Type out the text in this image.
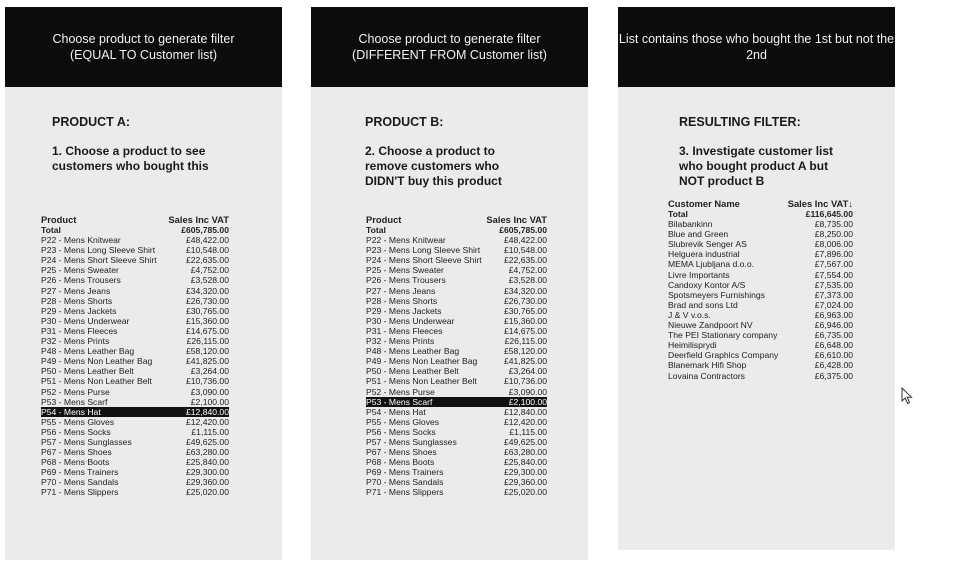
Choose product to generate filter
(EQUAL TO Customer list)
PRODUCT A:
1. Choose a product to see
customers who bought this
Product	Sales Inc VAT
Total	£605,785.00
P22 - Mens Knitwear	£48,422.00
P23 - Mens Long Sleeve Shirt	£10,548.00
P24 - Mens Short Sleeve Shirt	£22,635.00
P25 - Mens Sweater	£4,752.00
P26 - Mens Trousers	£3,528.00
P27 - Mens Jeans	£34,320.00
P28 - Mens Shorts	£26,730.00
P29 - Mens Jackets	£30,765.00
P30 - Mens Underwear	£15,360.00
P31 - Mens Fleeces	£14,675.00
P32 - Mens Prints	£26,115.00
P48 - Mens Leather Bag	£58,120.00
P49 - Mens Non Leather Bag	£41,825.00
P50 - Mens Leather Belt	£3,264.00
P51 - Mens Non Leather Belt	£10,736.00
P52 - Mens Purse	£3,090.00
P53 - Mens Scarf	£2,100.00
P54 - Mens Hat	£12,840.00
P55 - Mens Gloves	£12,420.00
P56 - Mens Socks	£1,115.00
P57 - Mens Sunglasses	£49,625.00
P67 - Mens Shoes	£63,280.00
P68 - Mens Boots	£25,840.00
P69 - Mens Trainers	£29,300.00
P70 - Mens Sandals	£29,360.00
P71 - Mens Slippers	£25,020.00
Choose product to generate filter
(DIFFERENT FROM Customer list)
PRODUCT B:
2. Choose a product to
remove customers who
DIDN'T buy this product
Product	Sales Inc VAT
Total	£605,785.00
P22 - Mens Knitwear	£48,422.00
P23 - Mens Long Sleeve Shirt	£10,548.00
P24 - Mens Short Sleeve Shirt	£22,635.00
P25 - Mens Sweater	£4,752.00
P26 - Mens Trousers	£3,528.00
P27 - Mens Jeans	£34,320.00
P28 - Mens Shorts	£26,730.00
P29 - Mens Jackets	£30,765.00
P30 - Mens Underwear	£15,360.00
P31 - Mens Fleeces	£14,675.00
P32 - Mens Prints	£26,115.00
P48 - Mens Leather Bag	£58,120.00
P49 - Mens Non Leather Bag	£41,825.00
P50 - Mens Leather Belt	£3,264.00
P51 - Mens Non Leather Belt	£10,736.00
P52 - Mens Purse	£3,090.00
P53 - Mens Scarf	£2,100.00
P54 - Mens Hat	£12,840.00
P55 - Mens Gloves	£12,420.00
P56 - Mens Socks	£1,115.00
P57 - Mens Sunglasses	£49,625.00
P67 - Mens Shoes	£63,280.00
P68 - Mens Boots	£25,840.00
P69 - Mens Trainers	£29,300.00
P70 - Mens Sandals	£29,360.00
P71 - Mens Slippers	£25,020.00
List contains those who bought the 1st but not the 2nd
RESULTING FILTER:
3. Investigate customer list
who bought product A but
NOT product B
Customer Name	Sales Inc VAT↓
Total	£116,645.00
Bilabankinn	£8,735.00
Blue and Green	£8,250.00
Slubrevik Senger AS	£8,006.00
Helguera industrial	£7,896.00
MEMA Ljubljana d.o.o.	£7,567.00
Livre Importants	£7,554.00
Candoxy Kontor A/S	£7,535.00
Spotsmeyers Furnishings	£7,373.00
Brad and sons Ltd	£7,024.00
J & V v.o.s.	£6,963.00
Nieuwe Zandpoort NV	£6,946.00
The PEI Stationary company	£6,735.00
Heimilisprydi	£6,648.00
Deerfield Graphics Company	£6,610.00
Blanemark Hifi Shop	£6,428.00
Lovaina Contractors	£6,375.00
